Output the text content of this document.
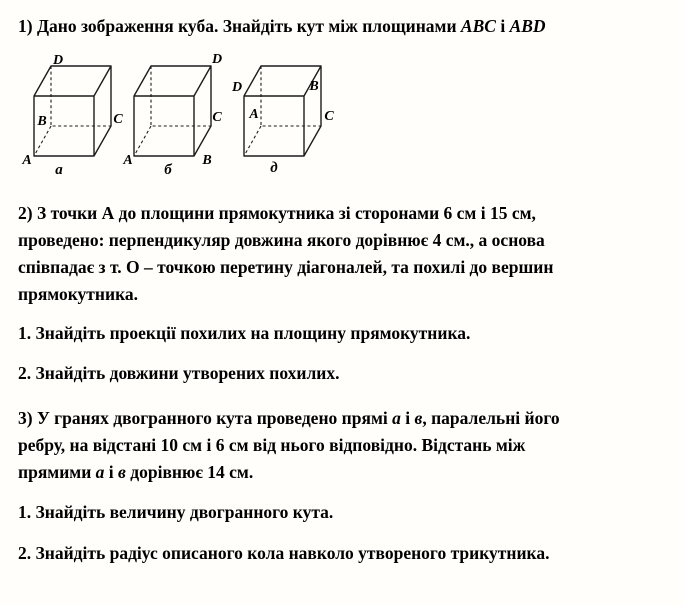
1) Дано зображення куба. Знайдіть кут між площинами ABC і ABD

D
B	C
A
а
D
C
A	B
б
D	B
A	C
д

2) З точки А до площини прямокутника зі сторонами 6 см і 15 см,

проведено: перпендикуляр довжина якого дорівнює 4 см., а основа

співпадає з т. О – точкою перетину діагоналей, та похилі до вершин

прямокутника.

1. Знайдіть проекції похилих на площину прямокутника.

2. Знайдіть довжини утворених похилих.

3) У гранях двогранного кута проведено прямі а і в, паралельні його

ребру, на відстані 10 см і 6 см від нього відповідно. Відстань між

прямими а і в дорівнює 14 см.

1. Знайдіть величину двогранного кута.

2. Знайдіть радіус описаного кола навколо утвореного трикутника.
